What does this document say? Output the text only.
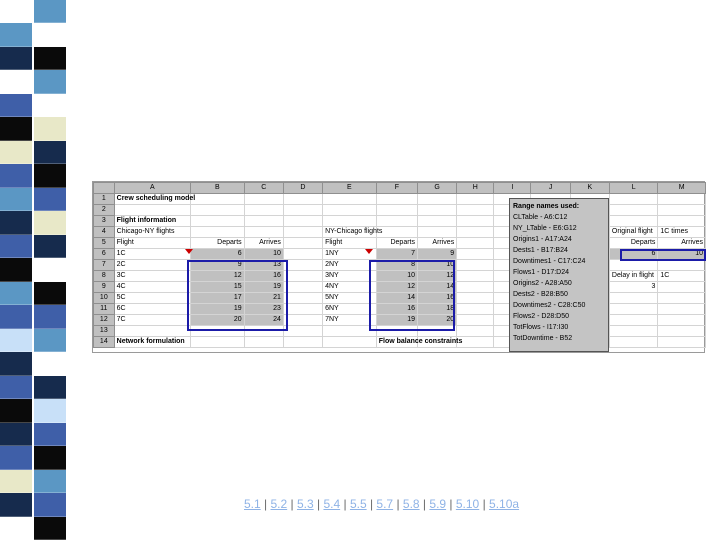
	A	B	C	D	E	F	G	H	I	J	K	L	M
1	Crew scheduling model												
2													
3	Flight information												
4	Chicago-NY flights				NY-Chicago flights							Original flight	1C times
5	Flight	Departs	Arrives		Flight	Departs	Arrives					Departs	Arrives
6	1C	6	10		1NY	7	9					6	10
7	2C	9	13		2NY	8	10						
8	3C	12	16		3NY	10	12					Delay in flight	1C
9	4C	15	19		4NY	12	14					3	
10	5C	17	21		5NY	14	16						
11	6C	19	23		6NY	16	18						
12	7C	20	24		7NY	19	20						
13													
14	Network formulation					Flow balance constraints							
Range names used:
CLTable - A6:C12
NY_LTable - E6:G12
Origins1 - A17:A24
Dests1 - B17:B24
Downtimes1 - C17:C24
Flows1 - D17:D24
Origins2 - A28:A50
Dests2 - B28:B50
Downtimes2 - C28:C50
Flows2 - D28:D50
TotFlows - I17:I30
TotDowntime - B52
5.1 | 5.2 | 5.3 | 5.4 | 5.5 | 5.7 | 5.8 | 5.9 | 5.10 | 5.10a
